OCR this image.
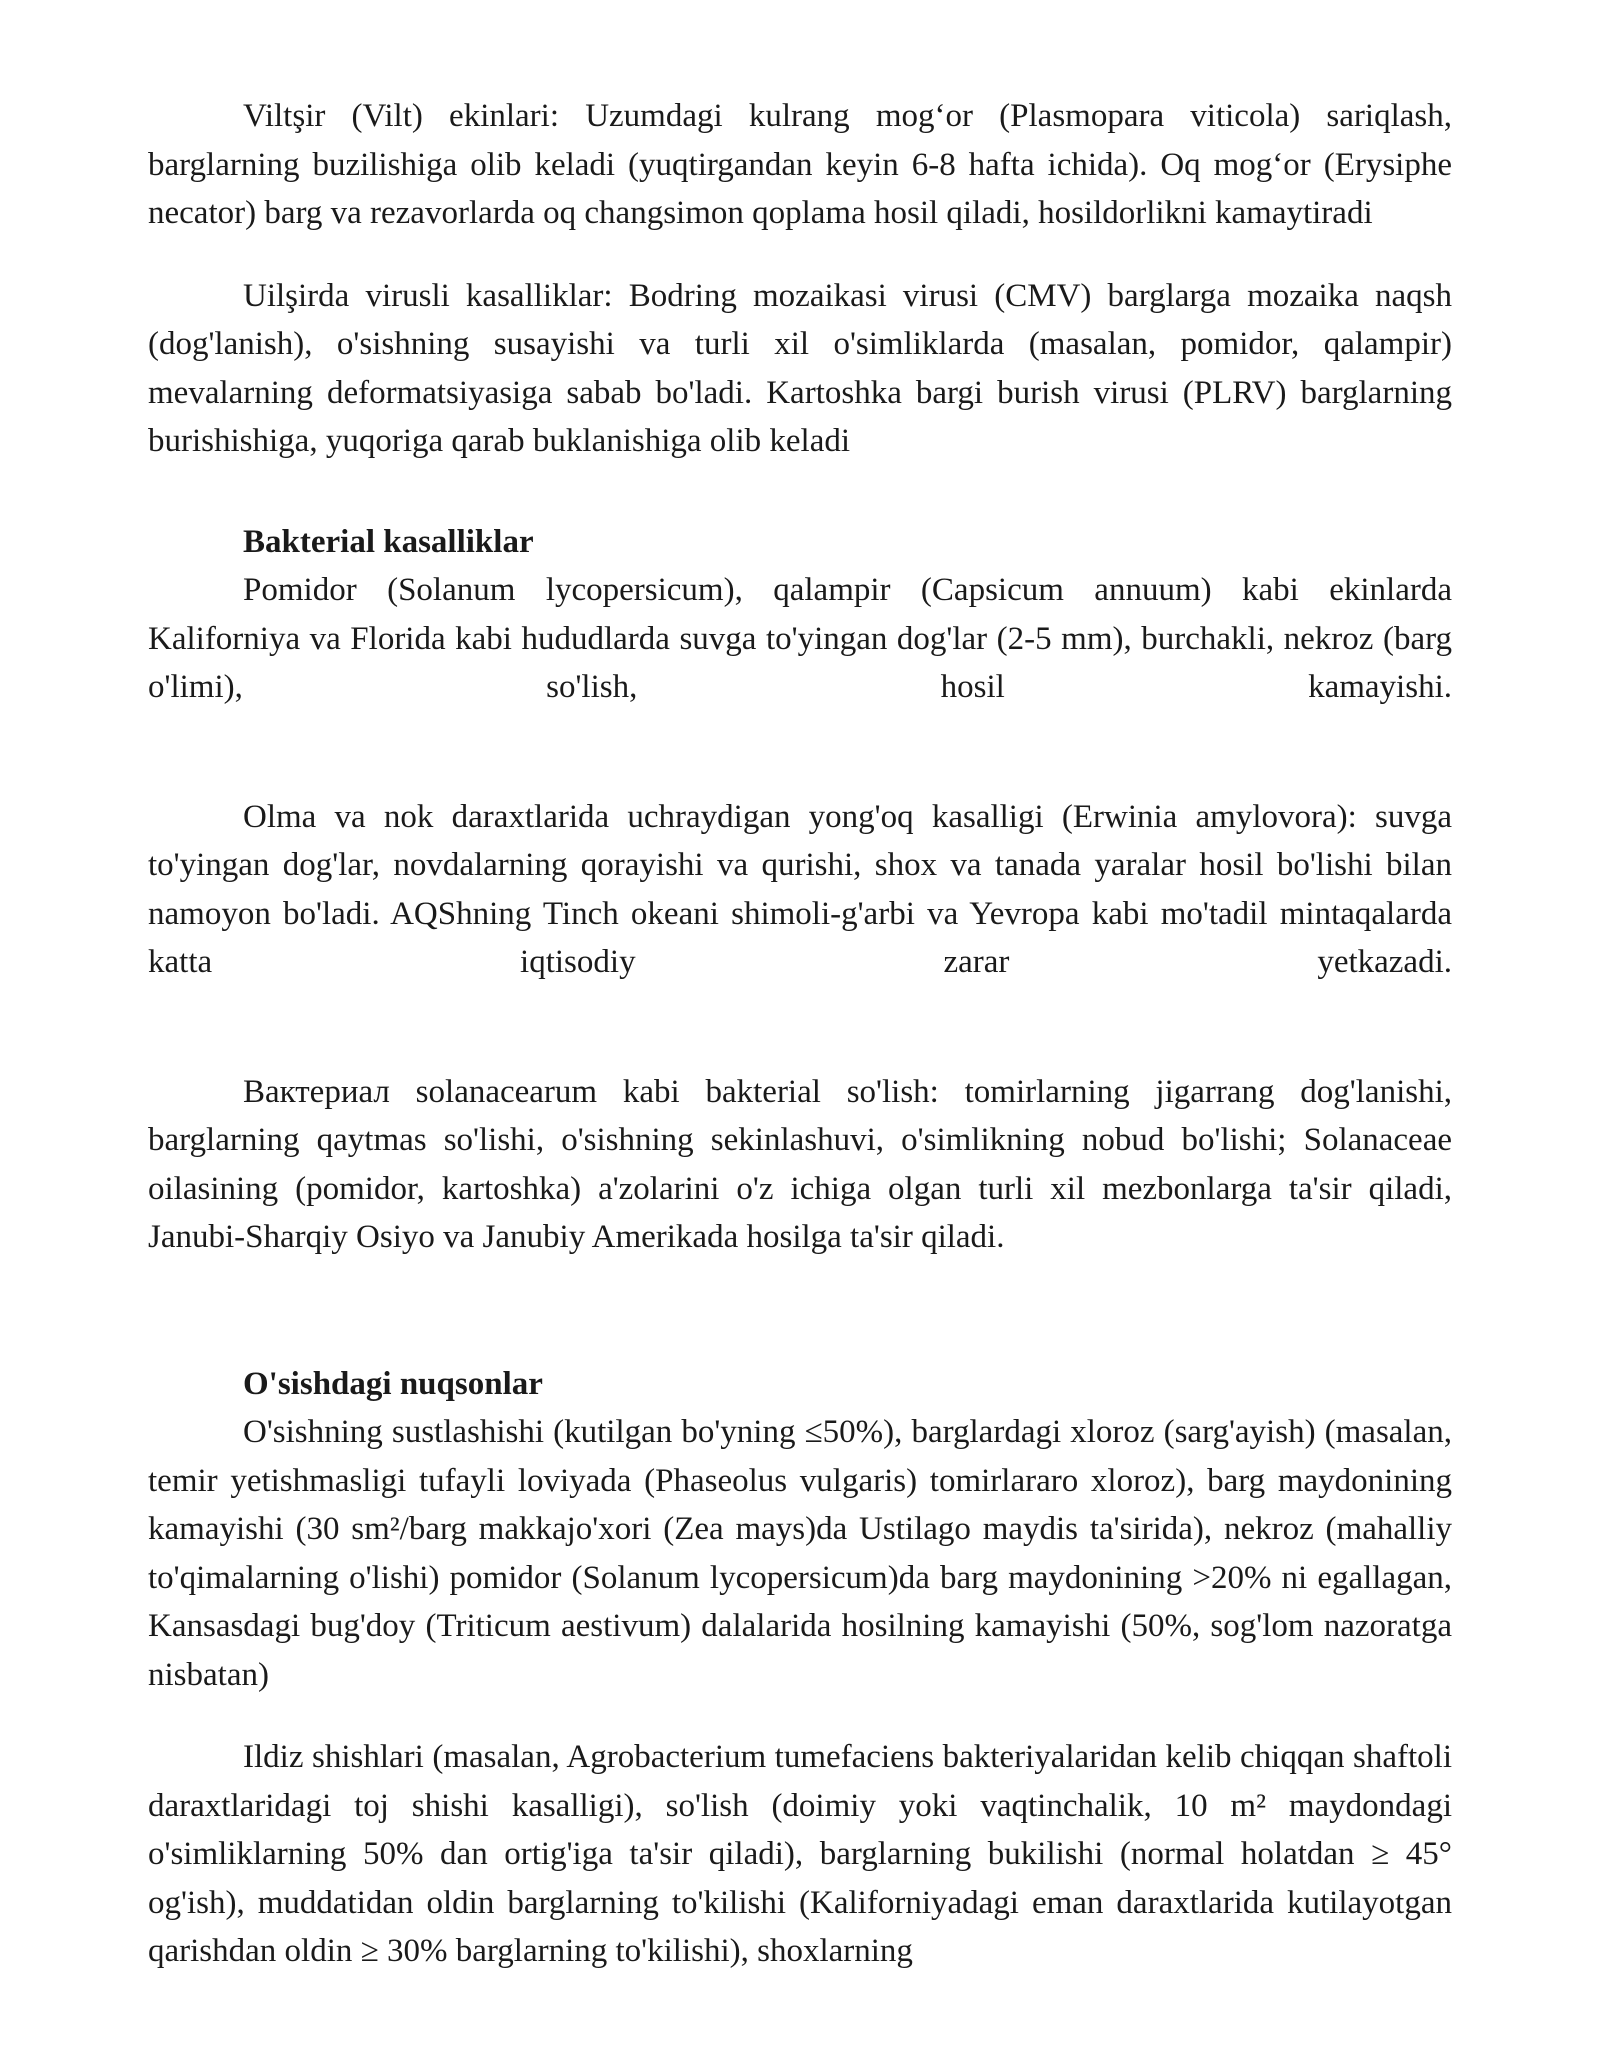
Viltşir (Vilt) ekinlari: Uzumdagi kulrang mog‘or (Plasmopara viticola) sariqlash, barglarning buzilishiga olib keladi (yuqtirgandan keyin 6-8 hafta ichida). Oq mog‘or (Erysiphe necator) barg va rezavorlarda oq changsimon qoplama hosil qiladi, hosildorlikni kamaytiradi

Uilşirda virusli kasalliklar: Bodring mozaikasi virusi (CMV) barglarga mozaika naqsh (dog'lanish), o'sishning susayishi va turli xil o'simliklarda (masalan, pomidor, qalampir) mevalarning deformatsiyasiga sabab bo'ladi. Kartoshka bargi burish virusi (PLRV) barglarning burishishiga, yuqoriga qarab buklanishiga olib keladi

Bakterial kasalliklar

Pomidor (Solanum lycopersicum), qalampir (Capsicum annuum) kabi ekinlarda Kaliforniya va Florida kabi hududlarda suvga to'yingan dog'lar (2-5 mm), burchakli, nekroz (barg o'limi), so'lish, hosil kamayishi.

Olma va nok daraxtlarida uchraydigan yong'oq kasalligi (Erwinia amylovora): suvga to'yingan dog'lar, novdalarning qorayishi va qurishi, shox va tanada yaralar hosil bo'lishi bilan namoyon bo'ladi. AQShning Tinch okeani shimoli-g'arbi va Yevropa kabi mo'tadil mintaqalarda katta iqtisodiy zarar yetkazadi.

Вактериал solanacearum kabi bakterial so'lish: tomirlarning jigarrang dog'lanishi, barglarning qaytmas so'lishi, o'sishning sekinlashuvi, o'simlikning nobud bo'lishi; Solanaceae oilasining (pomidor, kartoshka) a'zolarini o'z ichiga olgan turli xil mezbonlarga ta'sir qiladi, Janubi-Sharqiy Osiyo va Janubiy Amerikada hosilga ta'sir qiladi.

O'sishdagi nuqsonlar

O'sishning sustlashishi (kutilgan bo'yning ≤50%), barglardagi xloroz (sarg'ayish) (masalan, temir yetishmasligi tufayli loviyada (Phaseolus vulgaris) tomirlararo xloroz), barg maydonining kamayishi (30 sm²/barg makkajo'xori (Zea mays)da Ustilago maydis ta'sirida), nekroz (mahalliy to'qimalarning o'lishi) pomidor (Solanum lycopersicum)da barg maydonining >20% ni egallagan, Kansasdagi bug'doy (Triticum aestivum) dalalarida hosilning kamayishi (50%, sog'lom nazoratga nisbatan)

Ildiz shishlari (masalan, Agrobacterium tumefaciens bakteriyalaridan kelib chiqqan shaftoli daraxtlaridagi toj shishi kasalligi), so'lish (doimiy yoki vaqtinchalik, 10 m² maydondagi o'simliklarning 50% dan ortig'iga ta'sir qiladi), barglarning bukilishi (normal holatdan ≥ 45° og'ish), muddatidan oldin barglarning to'kilishi (Kaliforniyadagi eman daraxtlarida kutilayotgan qarishdan oldin ≥ 30% barglarning to'kilishi), shoxlarning
